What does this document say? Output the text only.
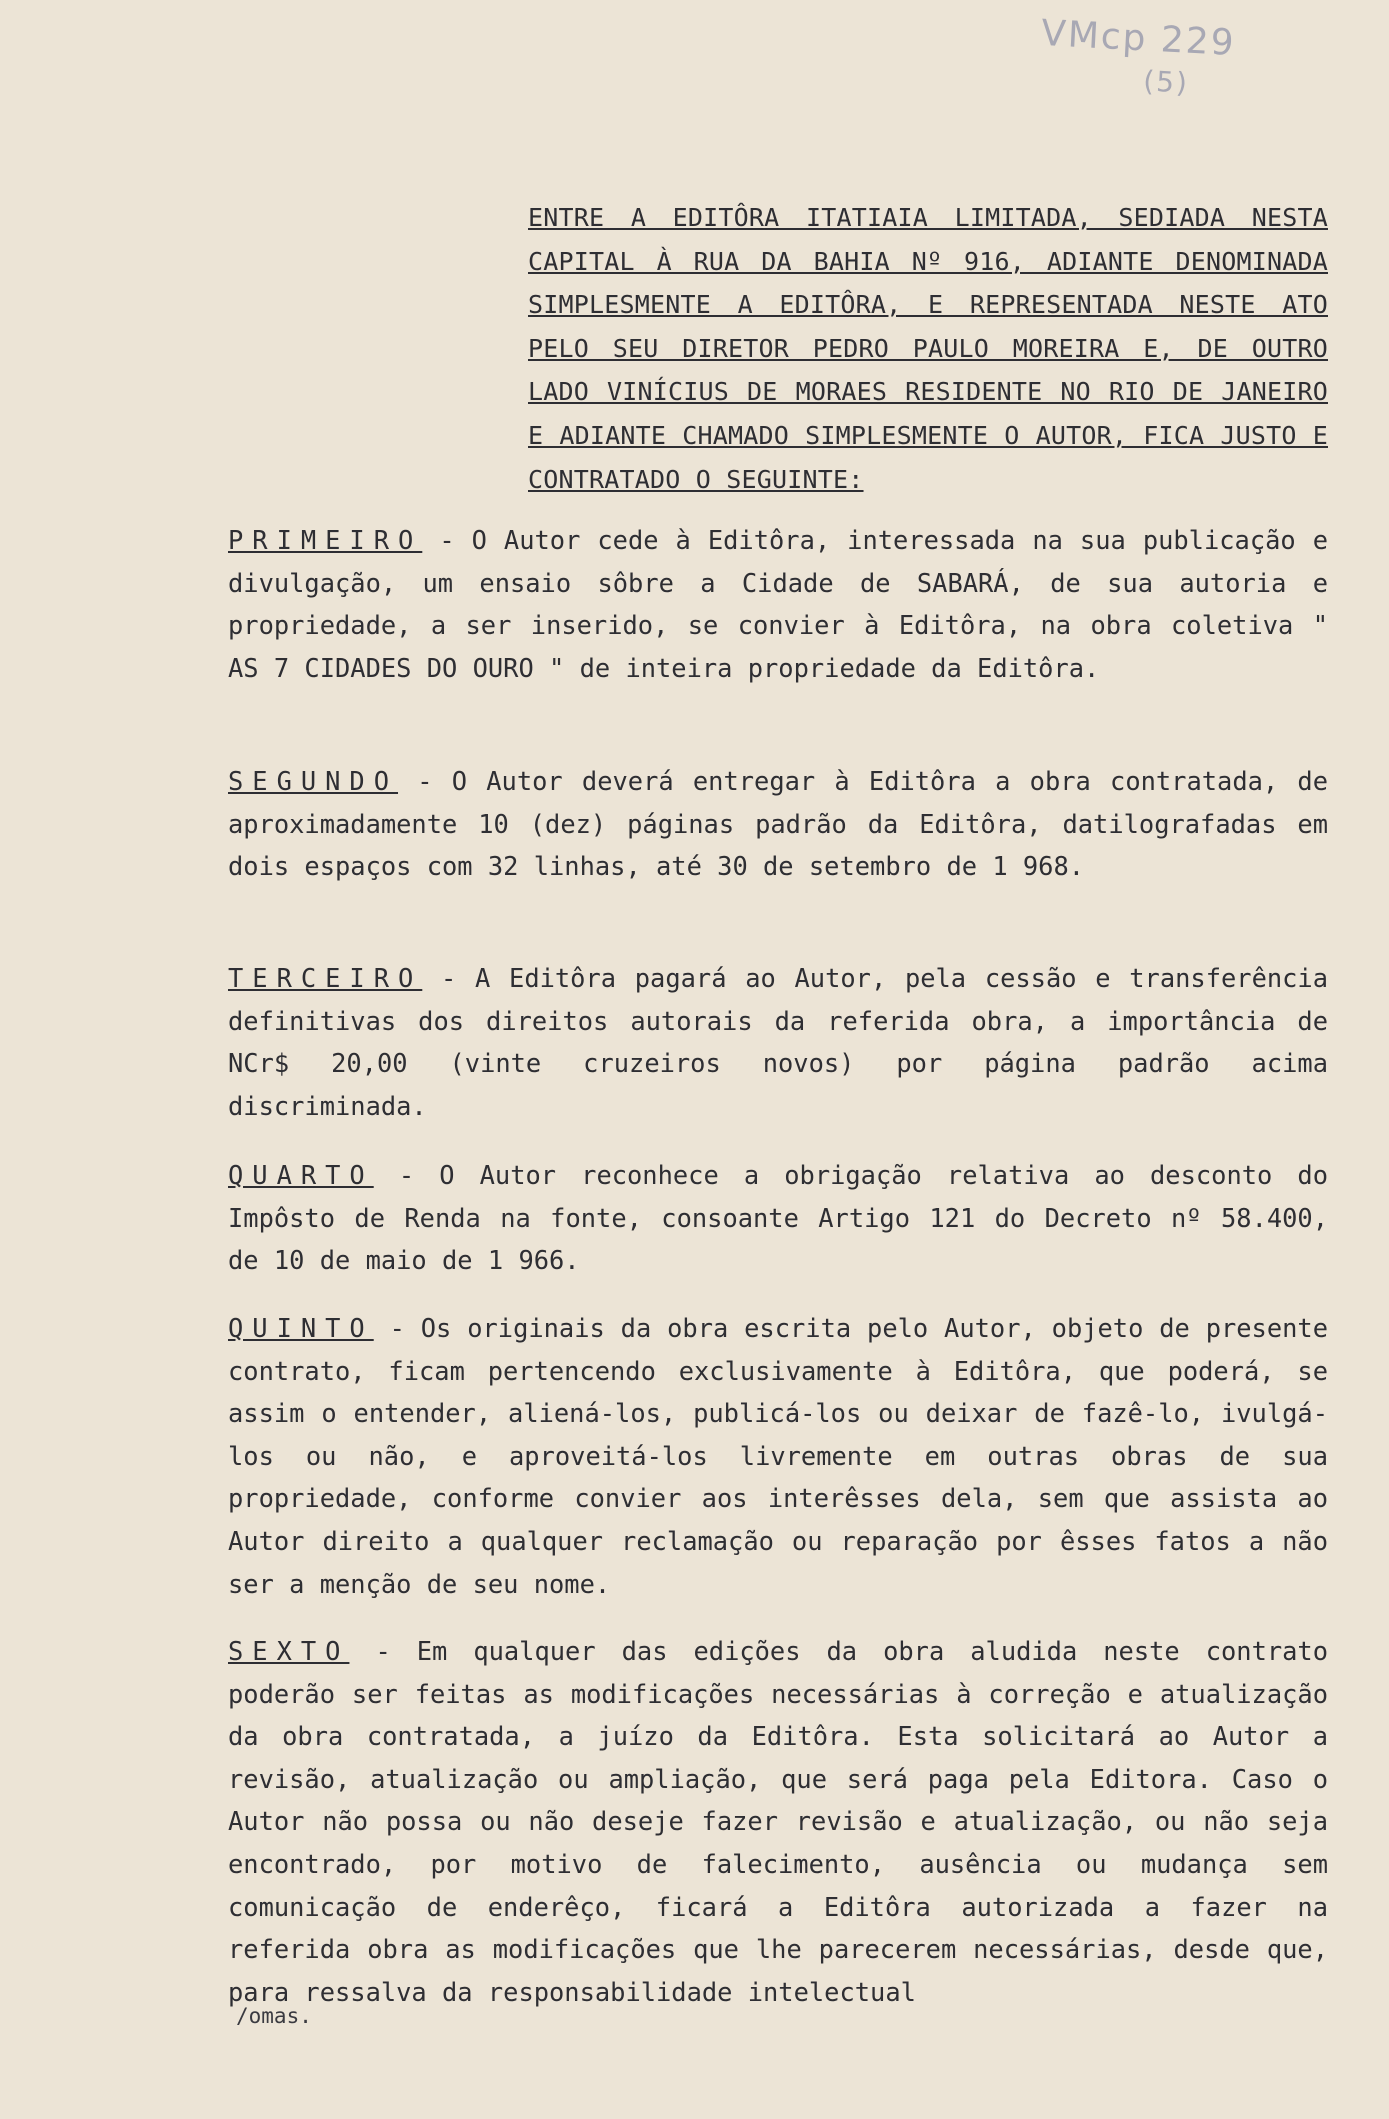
VMcp 229
(5)
ENTRE A EDITÔRA ITATIAIA LIMITADA, SEDIADA NESTA CAPITAL À RUA DA BAHIA Nº 916, ADIANTE DENOMINADA SIMPLESMENTE A EDITÔRA, E REPRESENTADA NESTE ATO PELO SEU DIRETOR PEDRO PAULO MOREIRA E, DE OUTRO LADO VINÍCIUS DE MORAES RESIDENTE NO RIO DE JANEIRO E ADIANTE CHAMADO SIMPLESMENTE O AUTOR, FICA JUSTO E CONTRATADO O SEGUINTE:
PRIMEIRO - O Autor cede à Editôra, interessada na sua publicação e divulgação, um ensaio sôbre a Cidade de SABARÁ, de sua autoria e propriedade, a ser inserido, se convier à Editôra, na obra coletiva " AS 7 CIDADES DO OURO " de inteira propriedade da Editôra.
SEGUNDO - O Autor deverá entregar à Editôra a obra contratada, de aproximadamente 10 (dez) páginas padrão da Editôra, datilografadas em dois espaços com 32 linhas, até 30 de setembro de 1 968.
TERCEIRO - A Editôra pagará ao Autor, pela cessão e transferência definitivas dos direitos autorais da referida obra, a importância de NCr$ 20,00 (vinte cruzeiros novos) por página padrão acima discriminada.
QUARTO - O Autor reconhece a obrigação relativa ao desconto do Impôsto de Renda na fonte, consoante Artigo 121 do Decreto nº 58.400, de 10 de maio de 1 966.
QUINTO - Os originais da obra escrita pelo Autor, objeto de presente contrato, ficam pertencendo exclusivamente à Editôra, que poderá, se assim o entender, aliená-los, publicá-los ou deixar de fazê-lo, ivulgá-los ou não, e aproveitá-los livremente em outras obras de sua propriedade, conforme convier aos interêsses dela, sem que assista ao Autor direito a qualquer reclamação ou reparação por êsses fatos a não ser a menção de seu nome.
SEXTO - Em qualquer das edições da obra aludida neste contrato poderão ser feitas as modificações necessárias à correção e atualização da obra contratada, a juízo da Editôra. Esta solicitará ao Autor a revisão, atualização ou ampliação, que será paga pela Editora. Caso o Autor não possa ou não deseje fazer revisão e atualização, ou não seja encontrado, por motivo de falecimento, ausência ou mudança sem comunicação de enderêço, ficará a Editôra autorizada a fazer na referida obra as modificações que lhe parecerem necessárias, desde que, para ressalva da responsabilidade intelectual
/omas.
